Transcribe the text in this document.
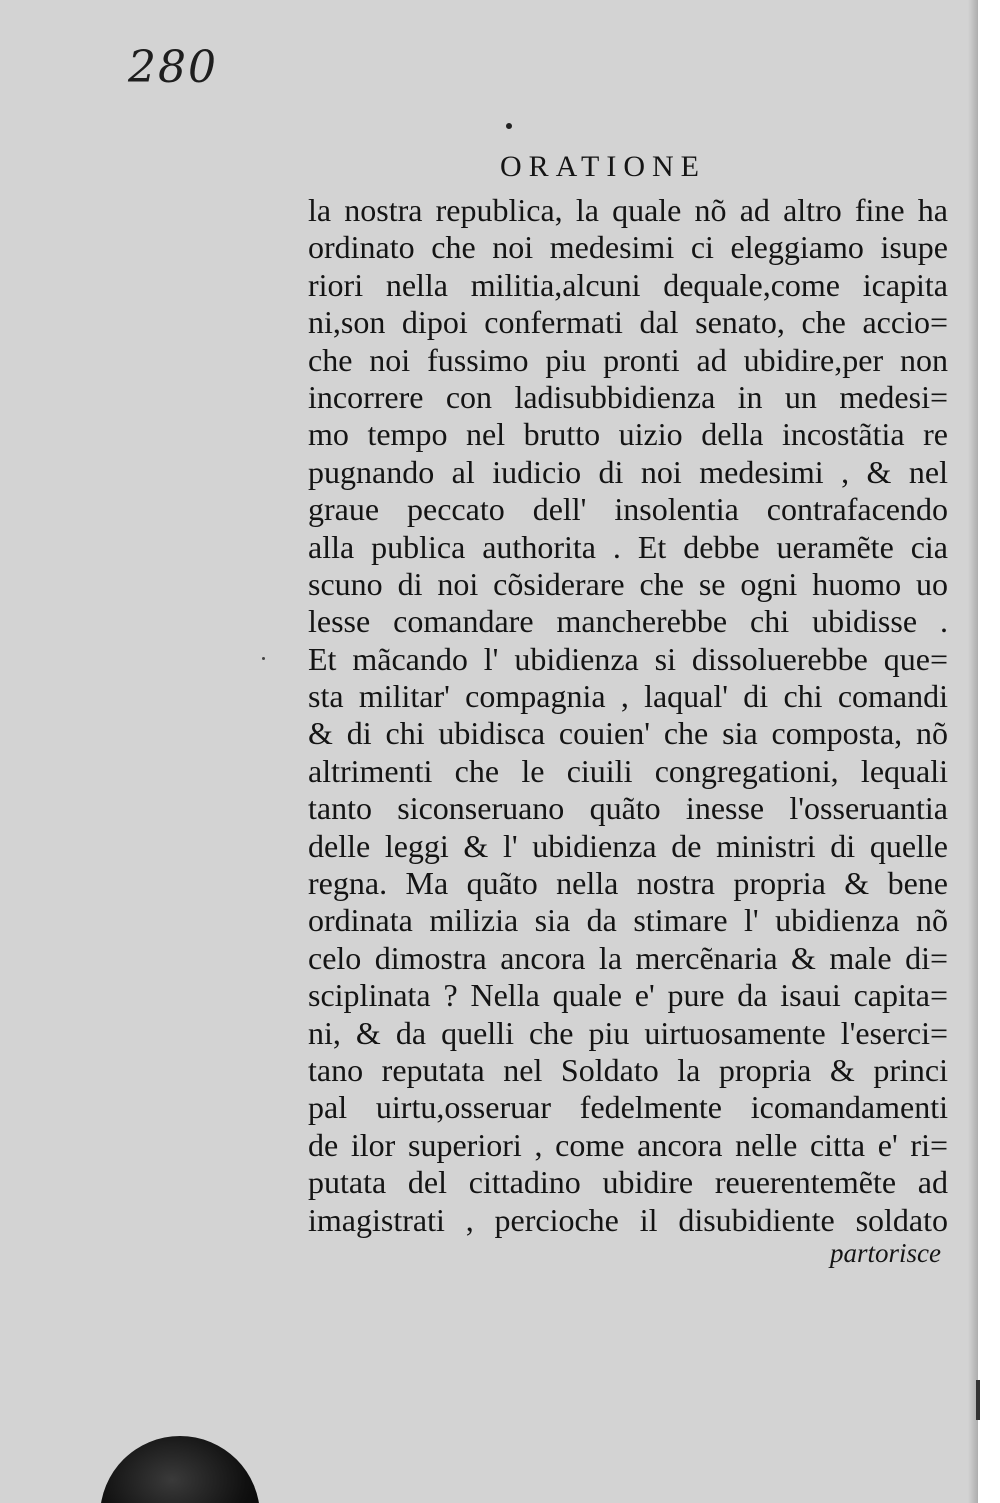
280
ORATIONE
la nostra republica, la quale nõ ad altro fine ha
ordinato che noi medesimi ci eleggiamo isupe
riori nella militia,alcuni dequale,come icapita
ni,son dipoi confermati dal senato, che accio=
che noi fussimo piu pronti ad ubidire,per non
incorrere con ladisubbidienza in un medesi=
mo tempo nel brutto uizio della incostãtia re
pugnando al iudicio di noi medesimi , & nel
graue peccato dell' insolentia contrafacendo
alla publica authorita . Et debbe ueramẽte cia
scuno di noi cõsiderare che se ogni huomo uo
lesse comandare mancherebbe chi ubidisse .
Et mãcando l' ubidienza si dissoluerebbe que=
sta militar' compagnia , laqual' di chi comandi
& di chi ubidisca couien' che sia composta, nõ
altrimenti che le ciuili congregationi, lequali
tanto siconseruano quãto inesse l'osseruantia
delle leggi & l' ubidienza de ministri di quelle
regna. Ma quãto nella nostra propria & bene
ordinata milizia sia da stimare l' ubidienza nõ
celo dimostra ancora la mercẽnaria & male di=
sciplinata ? Nella quale e' pure da isaui capita=
ni, & da quelli che piu uirtuosamente l'eserci=
tano reputata nel Soldato la propria & princi
pal uirtu,osseruar fedelmente icomandamenti
de ilor superiori , come ancora nelle citta e' ri=
putata del cittadino ubidire reuerentemẽte ad
imagistrati , percioche il disubidiente soldato
partorisce
